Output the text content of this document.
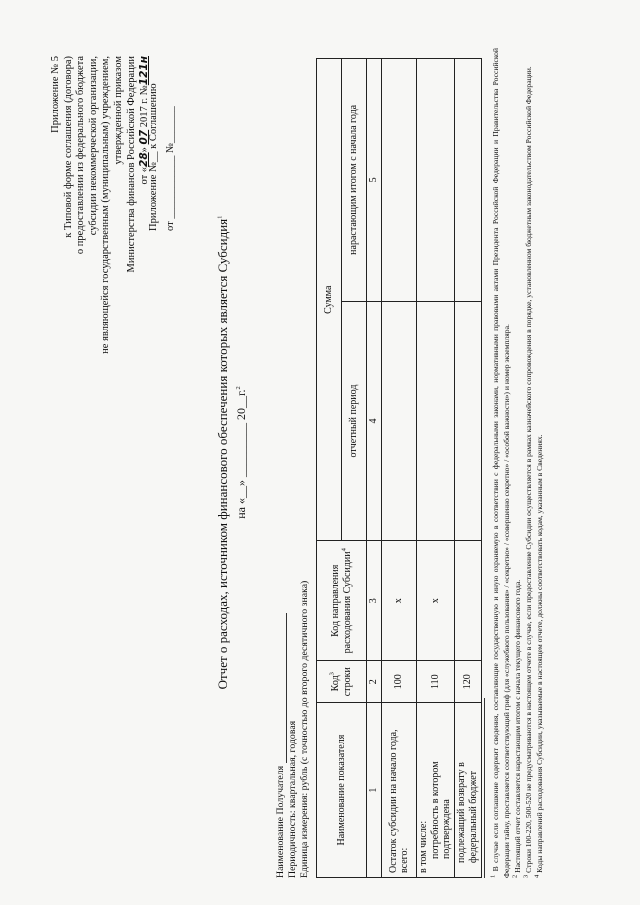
Приложение № 5 к Типовой форме соглашения (договора) о предоставлении из федерального бюджета субсидии некоммерческой организации, не являющейся государственным (муниципальным) учреждением, утвержденной приказом Министерства финансов Российской Федерации от «28» 07 2017 г. №121н
Приложение №__ к Соглашению от ____________ №_______
Отчет о расходах, источником финансового обеспечения которых является Субсидия$^1$
на «__» _________ 20__г.$^2$
Наименование Получателя Периодичность: квартальная, годовая Единица измерения: рубль (с точностью до второго десятичного знака)	Наименование показателя	Код$^3$ строки	Код направления расходования Субсидии$^4$	Сумма	
			отчетный период	нарастающим итогом с начала года
1	2	3	4	5
Остаток субсидии на начало года, всего:	100	x		

в том числе: потребность в котором подтверждена	110	x		
подлежащий возврату в федеральный бюджет	120			
$^1$ В случае если соглашение содержит сведения, составляющие государственную и иную охраняемую в соответствии с федеральными законами, нормативными правовыми актами Президента Российской Федерации и Правительства Российской Федерации тайну, проставляется соответствующий гриф (для «служебного пользования» / «секретно» / «совершенно секретно» / «особой важности») и номер экземпляра. $^2$ Настоящий отчет составляется нарастающим итогом с начала текущего финансового года.
$^3$ Строки 100-220, 500-520 не предусматриваются в настоящем отчете в случае, если предоставление Субсидии осуществляется в рамках казначейского сопровождения в порядке, установленном бюджетным законодательством Российской Федерации.
$^4$ Коды направлений расходования Субсидии, указываемые в настоящем отчете, должны соответствовать кодам, указанным в Сведениях.
